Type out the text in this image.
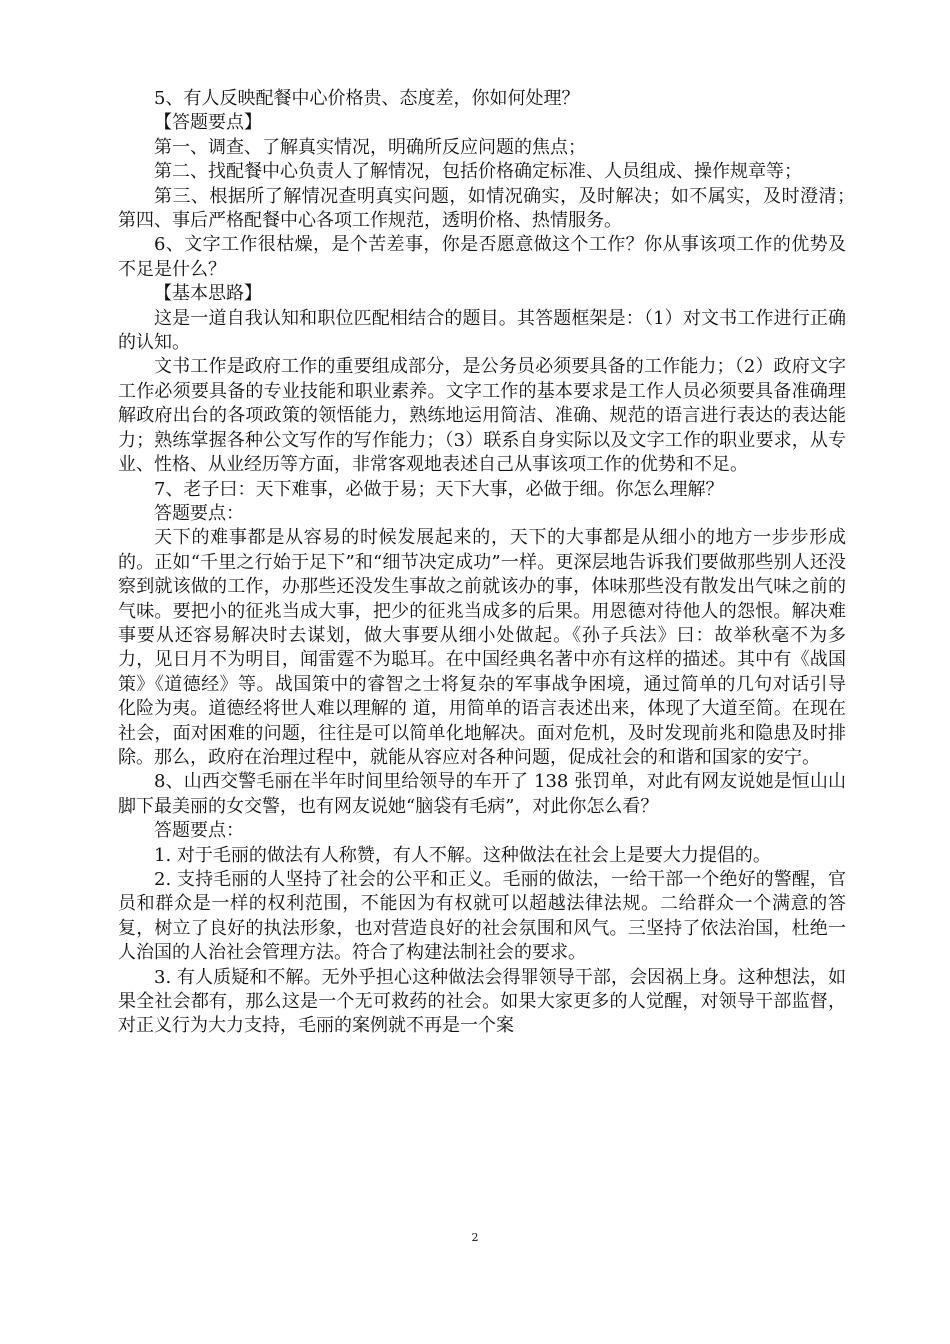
5、有人反映配餐中心价格贵、态度差，你如何处理？

【答题要点】

第一、调查、了解真实情况，明确所反应问题的焦点；

第二、找配餐中心负责人了解情况，包括价格确定标准、人员组成、操作规章等；

第三、根据所了解情况查明真实问题，如情况确实，及时解决；如不属实，及时澄清；　第四、事后严格配餐中心各项工作规范，透明价格、热情服务。

6、文字工作很枯燥，是个苦差事，你是否愿意做这个工作？你从事该项工作的优势及不足是什么？

【基本思路】

这是一道自我认知和职位匹配相结合的题目。其答题框架是：（1）对文书工作进行正确的认知。

文书工作是政府工作的重要组成部分，是公务员必须要具备的工作能力；（2）政府文字工作必须要具备的专业技能和职业素养。文字工作的基本要求是工作人员必须要具备准确理解政府出台的各项政策的领悟能力，熟练地运用简洁、准确、规范的语言进行表达的表达能力；熟练掌握各种公文写作的写作能力；（3）联系自身实际以及文字工作的职业要求，从专业、性格、从业经历等方面，非常客观地表述自己从事该项工作的优势和不足。

7、老子曰：天下难事，必做于易；天下大事，必做于细。你怎么理解？

答题要点：

天下的难事都是从容易的时候发展起来的，天下的大事都是从细小的地方一步步形成的。正如“千里之行始于足下”和“细节决定成功”一样。更深层地告诉我们要做那些别人还没察到就该做的工作，办那些还没发生事故之前就该办的事，体味那些没有散发出气味之前的气味。要把小的征兆当成大事，把少的征兆当成多的后果。用恩德对待他人的怨恨。解决难事要从还容易解决时去谋划，做大事要从细小处做起。《孙子兵法》曰：故举秋毫不为多力，见日月不为明目，闻雷霆不为聪耳。在中国经典名著中亦有这样的描述。其中有《战国策》《道德经》等。战国策中的睿智之士将复杂的军事战争困境，通过简单的几句对话引导化险为夷。道德经将世人难以理解的 道，用简单的语言表述出来，体现了大道至简。在现在社会，面对困难的问题，往往是可以简单化地解决。面对危机，及时发现前兆和隐患及时排除。那么，政府在治理过程中，就能从容应对各种问题，促成社会的和谐和国家的安宁。

8、山西交警毛丽在半年时间里给领导的车开了 138 张罚单，对此有网友说她是恒山山脚下最美丽的女交警，也有网友说她“脑袋有毛病”，对此你怎么看？

答题要点：

1. 对于毛丽的做法有人称赞，有人不解。这种做法在社会上是要大力提倡的。

2. 支持毛丽的人坚持了社会的公平和正义。毛丽的做法，一给干部一个绝好的警醒，官员和群众是一样的权利范围，不能因为有权就可以超越法律法规。二给群众一个满意的答复，树立了良好的执法形象，也对营造良好的社会氛围和风气。三坚持了依法治国，杜绝一人治国的人治社会管理方法。符合了构建法制社会的要求。

3. 有人质疑和不解。无外乎担心这种做法会得罪领导干部，会因祸上身。这种想法，如果全社会都有，那么这是一个无可救药的社会。如果大家更多的人觉醒，对领导干部监督，对正义行为大力支持，毛丽的案例就不再是一个案

2
